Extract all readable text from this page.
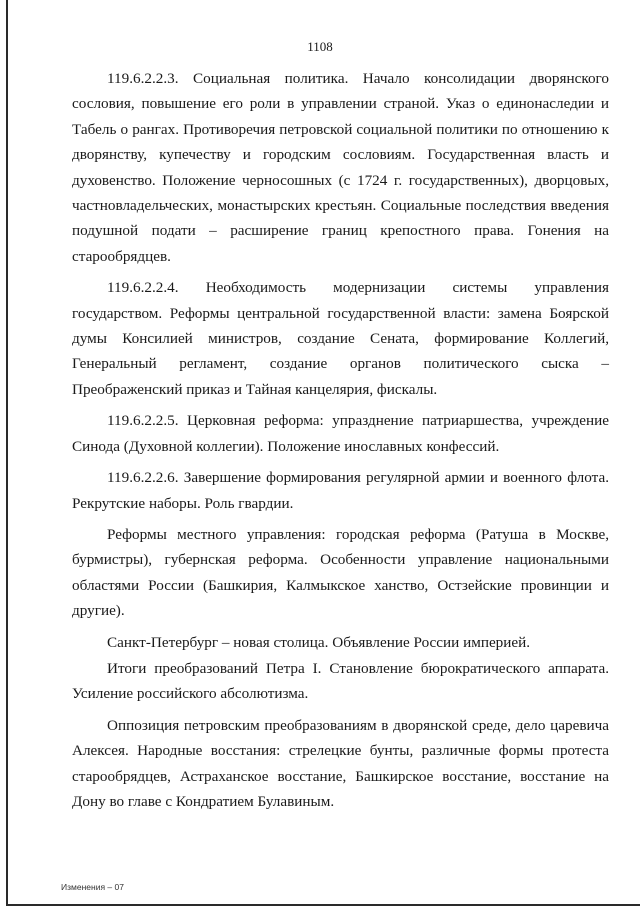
1108

119.6.2.2.3. Социальная политика. Начало консолидации дворянского сословия, повышение его роли в управлении страной. Указ о единонаследии и Табель о рангах. Противоречия петровской социальной политики по отношению к дворянству, купечеству и городским сословиям. Государственная власть и духовенство. Положение черносошных (с 1724 г. государственных), дворцовых, частновладельческих, монастырских крестьян. Социальные последствия введения подушной подати – расширение границ крепостного права. Гонения на старообрядцев.

119.6.2.2.4. Необходимость модернизации системы управления государством. Реформы центральной государственной власти: замена Боярской думы Консилией министров, создание Сената, формирование Коллегий, Генеральный регламент, создание органов политического сыска – Преображенский приказ и Тайная канцелярия, фискалы.

119.6.2.2.5. Церковная реформа: упразднение патриаршества, учреждение Синода (Духовной коллегии). Положение инославных конфессий.

119.6.2.2.6. Завершение формирования регулярной армии и военного флота. Рекрутские наборы. Роль гвардии.

Реформы местного управления: городская реформа (Ратуша в Москве, бурмистры), губернская реформа. Особенности управление национальными областями России (Башкирия, Калмыкское ханство, Остзейские провинции и другие).

Санкт-Петербург – новая столица. Объявление России империей.

Итоги преобразований Петра I. Становление бюрократического аппарата. Усиление российского абсолютизма.

Оппозиция петровским преобразованиям в дворянской среде, дело царевича Алексея. Народные восстания: стрелецкие бунты, различные формы протеста старообрядцев, Астраханское восстание, Башкирское восстание, восстание на Дону во главе с Кондратием Булавиным.

Изменения – 07
